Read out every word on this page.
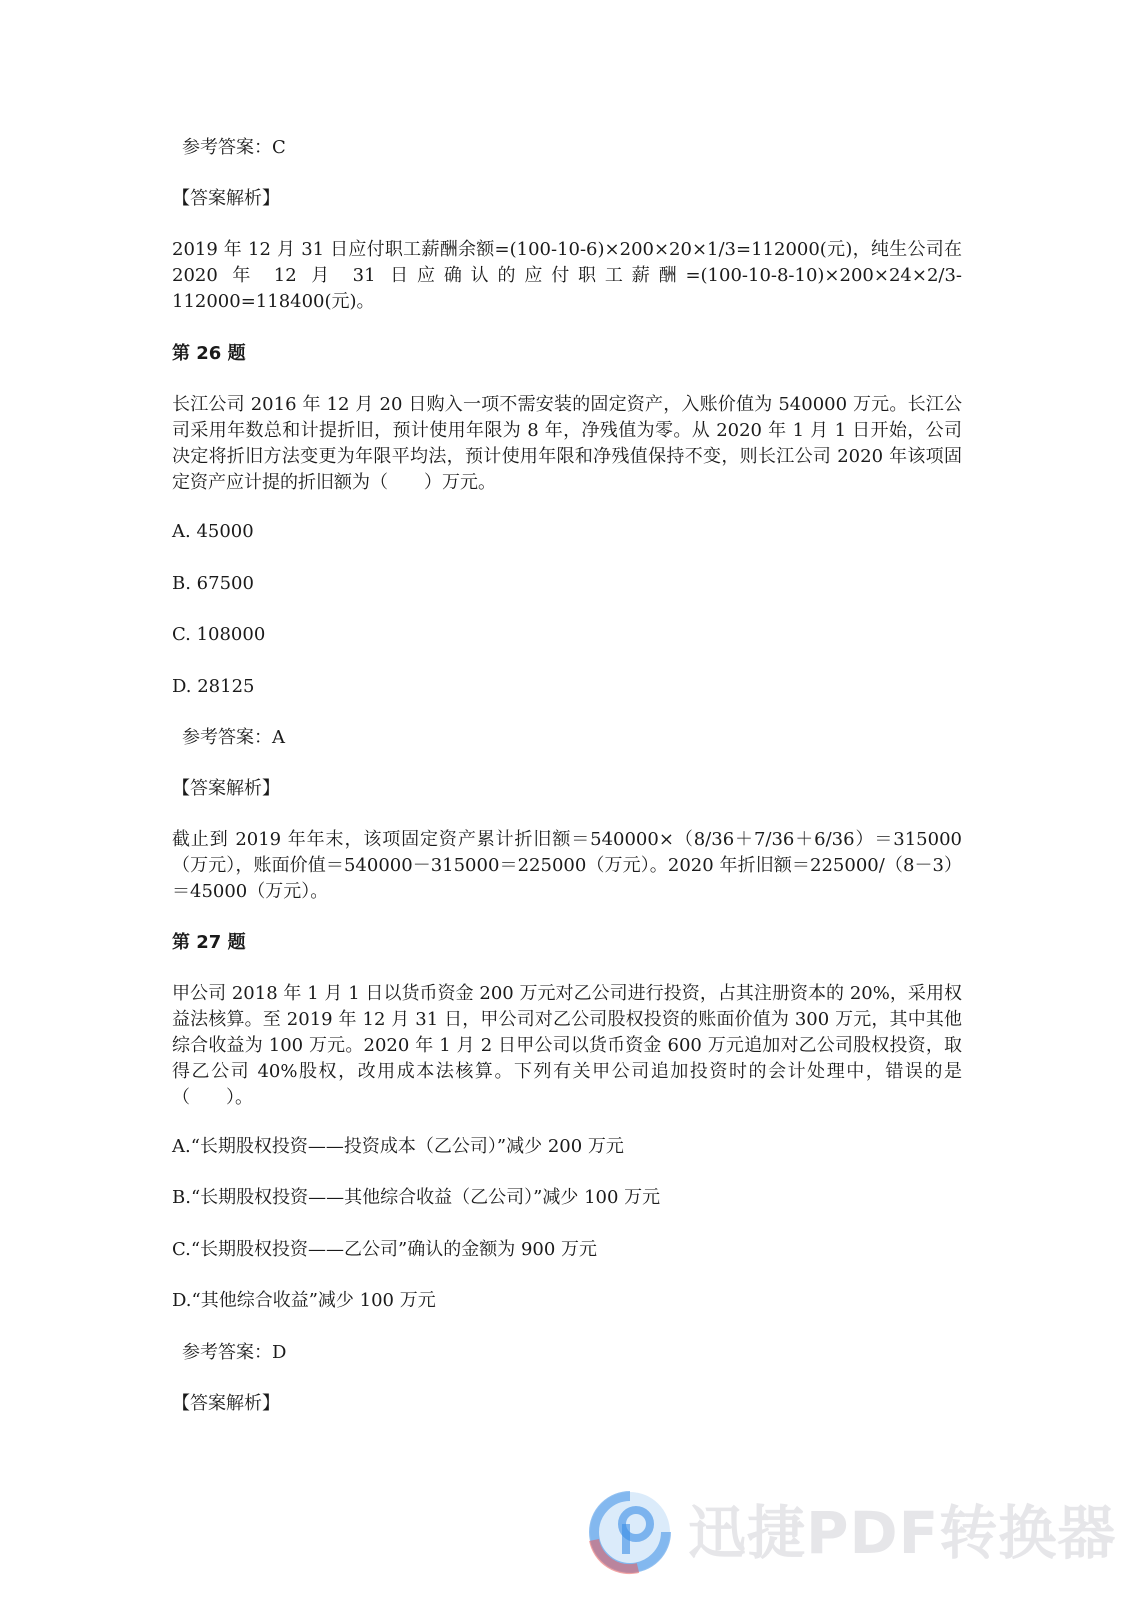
参考答案：C
【答案解析】
2019 年 12 月 31 日应付职工薪酬余额=(100-10-6)×200×20×1/3=112000(元)，纯生公司在 2020 年 12 月 31 日应确认的应付职工薪酬=(100-10-8-10)×200×24×2/3-112000=118400(元)。
第 26 题
长江公司 2016 年 12 月 20 日购入一项不需安装的固定资产，入账价值为 540000 万元。长江公司采用年数总和计提折旧，预计使用年限为 8 年，净残值为零。从 2020 年 1 月 1 日开始，公司决定将折旧方法变更为年限平均法，预计使用年限和净残值保持不变，则长江公司 2020 年该项固定资产应计提的折旧额为（　　）万元。
A. 45000
B. 67500
C. 108000
D. 28125
参考答案：A
【答案解析】
截止到 2019 年年末，该项固定资产累计折旧额＝540000×（8/36＋7/36＋6/36）＝315000（万元），账面价值＝540000－315000＝225000（万元）。2020 年折旧额＝225000/（8－3）＝45000（万元）。
第 27 题
甲公司 2018 年 1 月 1 日以货币资金 200 万元对乙公司进行投资，占其注册资本的 20%，采用权益法核算。至 2019 年 12 月 31 日，甲公司对乙公司股权投资的账面价值为 300 万元，其中其他综合收益为 100 万元。2020 年 1 月 2 日甲公司以货币资金 600 万元追加对乙公司股权投资，取得乙公司 40%股权，改用成本法核算。下列有关甲公司追加投资时的会计处理中，错误的是（　　）。
A.“长期股权投资——投资成本（乙公司）”减少 200 万元
B.“长期股权投资——其他综合收益（乙公司）”减少 100 万元
C.“长期股权投资——乙公司”确认的金额为 900 万元
D.“其他综合收益”减少 100 万元
参考答案：D
【答案解析】
迅捷PDF转换器
